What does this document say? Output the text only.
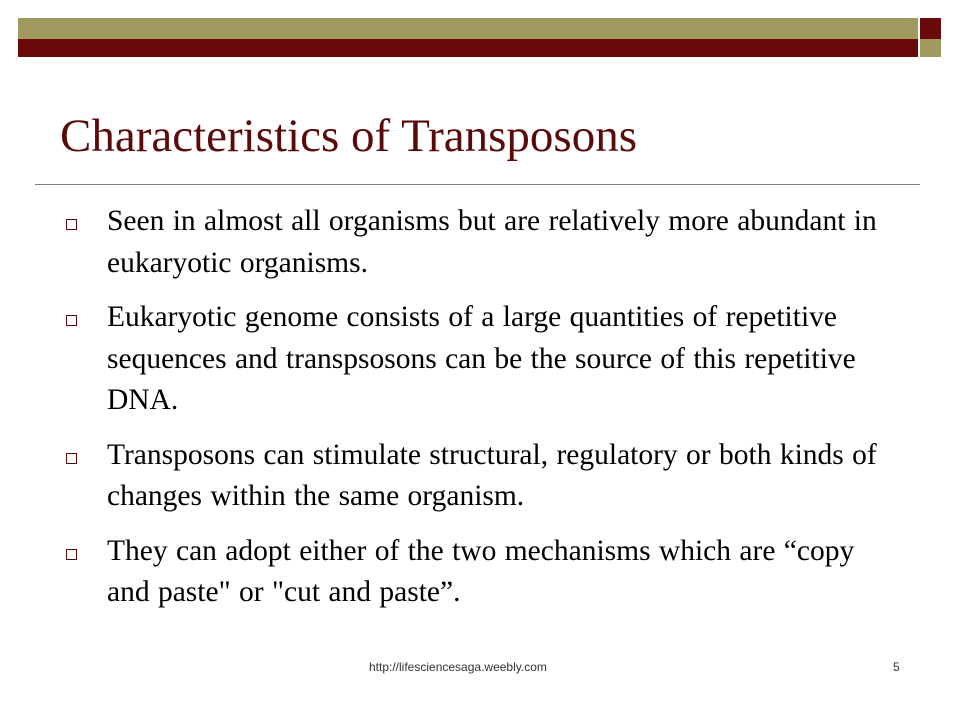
Characteristics of Transposons
Seen in almost all organisms but are relatively more abundant in eukaryotic organisms.
Eukaryotic genome consists of a large quantities of repetitive sequences and transpsosons can be the source of this repetitive DNA.
Transposons can stimulate structural, regulatory or both kinds of changes within the same organism.
They can adopt either of the two mechanisms which are “copy and paste" or "cut and paste”.
http://lifesciencesaga.weebly.com	5
